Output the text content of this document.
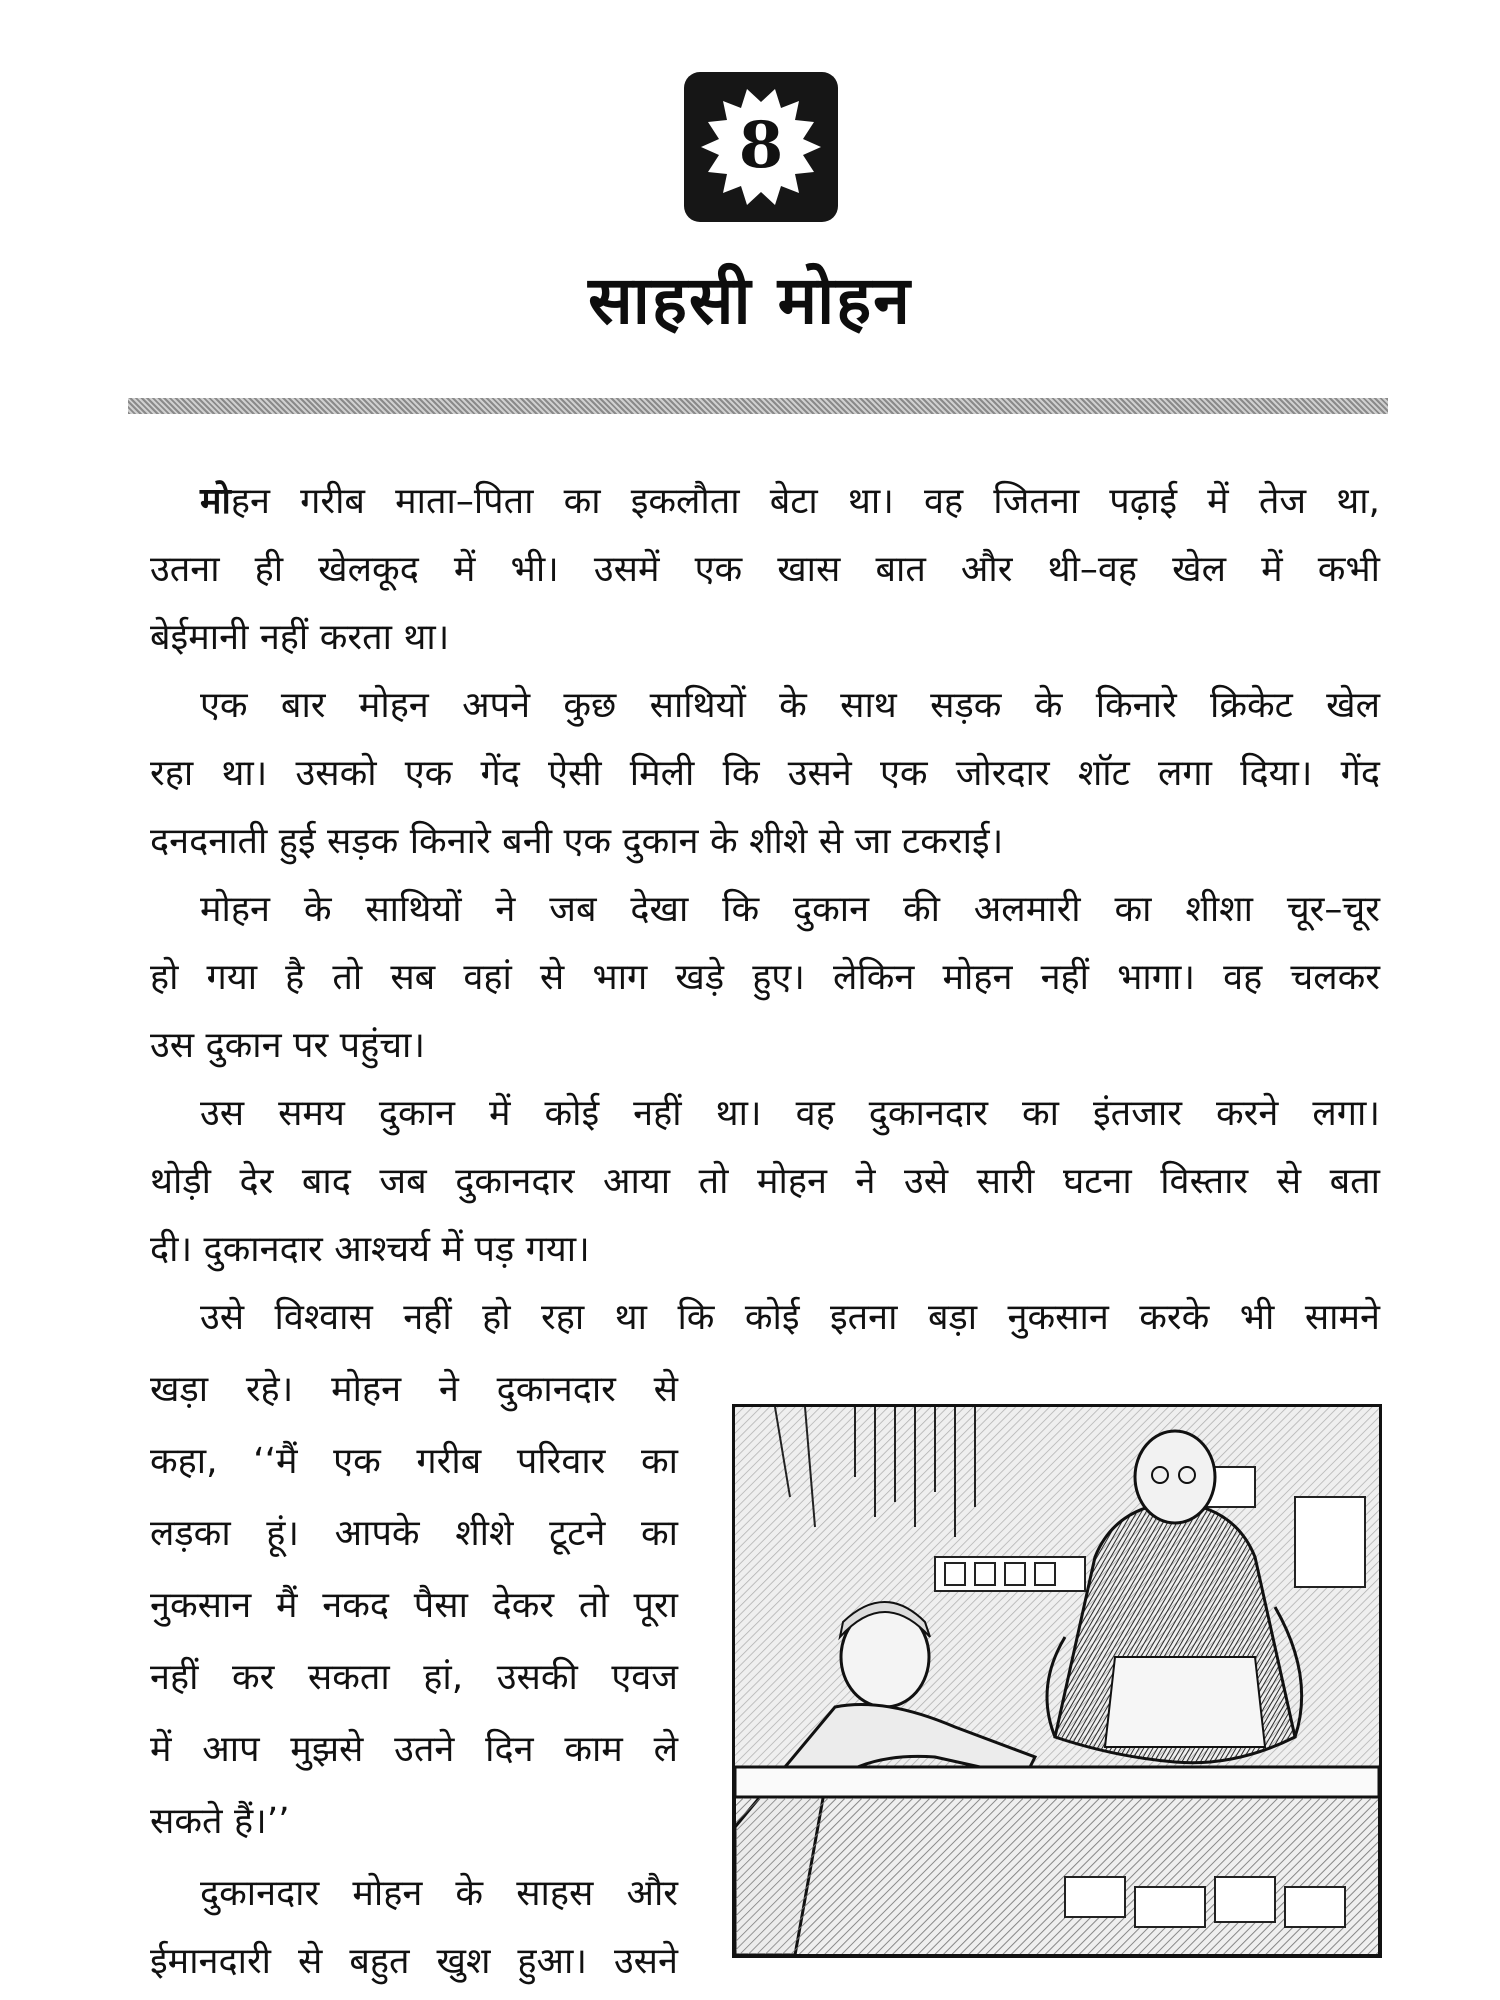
8
साहसी मोहन
मोहन गरीब माता–पिता का इकलौता बेटा था। वह जितना पढ़ाई में तेज था,
उतना ही खेलकूद में भी। उसमें एक खास बात और थी–वह खेल में कभी
बेईमानी नहीं करता था।
एक बार मोहन अपने कुछ साथियों के साथ सड़क के किनारे क्रिकेट खेल
रहा था। उसको एक गेंद ऐसी मिली कि उसने एक जोरदार शॉट लगा दिया। गेंद
दनदनाती हुई सड़क किनारे बनी एक दुकान के शीशे से जा टकराई।
मोहन के साथियों ने जब देखा कि दुकान की अलमारी का शीशा चूर–चूर
हो गया है तो सब वहां से भाग खड़े हुए। लेकिन मोहन नहीं भागा। वह चलकर
उस दुकान पर पहुंचा।
उस समय दुकान में कोई नहीं था। वह दुकानदार का इंतजार करने लगा।
थोड़ी देर बाद जब दुकानदार आया तो मोहन ने उसे सारी घटना विस्तार से बता
दी। दुकानदार आश्चर्य में पड़ गया।
उसे विश्वास नहीं हो रहा था कि कोई इतना बड़ा नुकसान करके भी सामने
खड़ा रहे। मोहन ने दुकानदार से
कहा, ‘‘मैं एक गरीब परिवार का
लड़का हूं। आपके शीशे टूटने का
नुकसान मैं नकद पैसा देकर तो पूरा
नहीं कर सकता हां, उसकी एवज
में आप मुझसे उतने दिन काम ले
सकते हैं।’’
दुकानदार मोहन के साहस और
ईमानदारी से बहुत खुश हुआ। उसने
